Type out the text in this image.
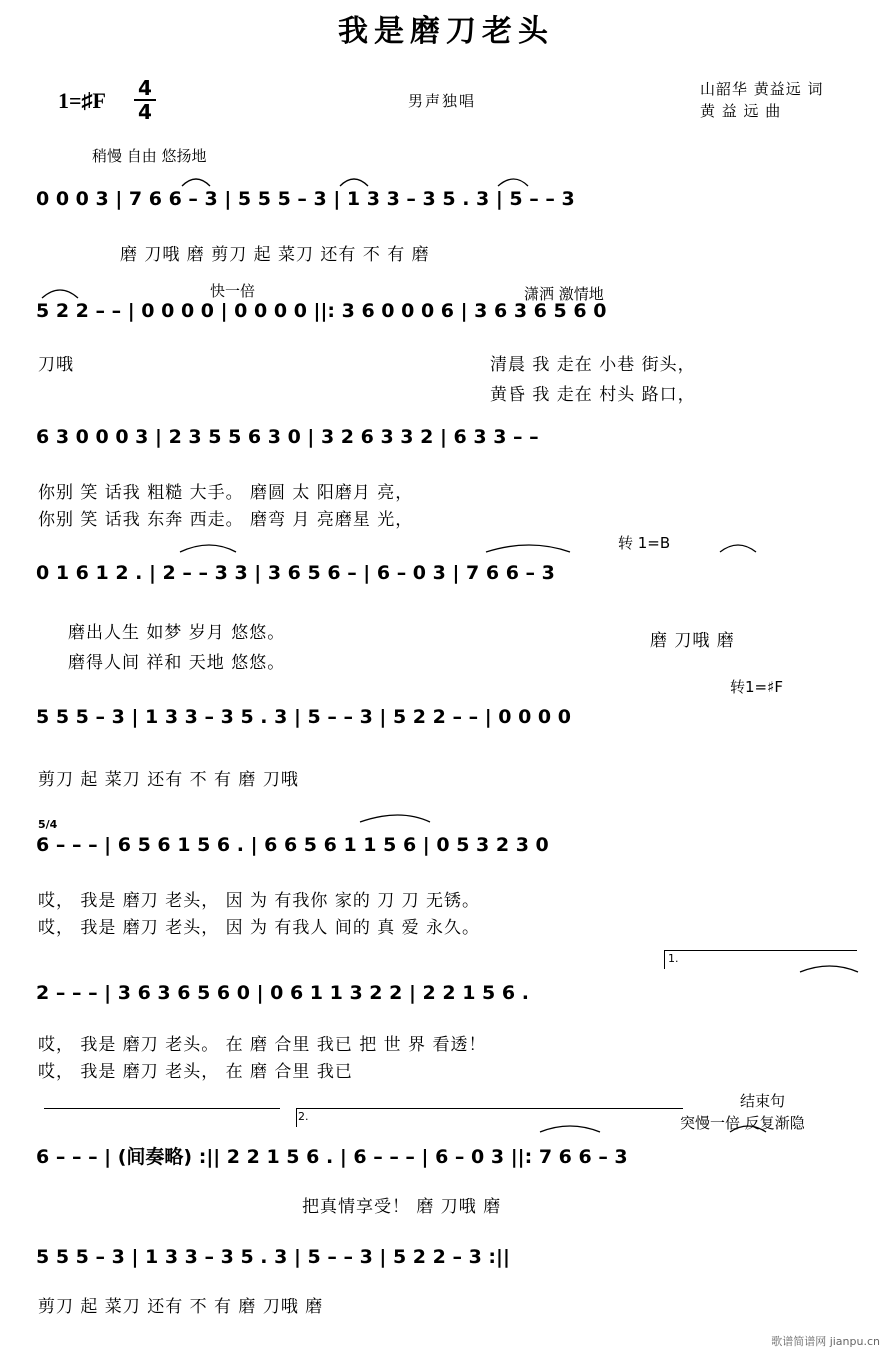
我是磨刀老头
1=♯F 4
4	男声独唱
山韶华 黄益远 词
黄 益 远 曲
稍慢 自由 悠扬地
快一倍	潇洒 激情地
转 1=B
转1=♯F
结束句
突慢一倍 反复渐隐
1.
2.
5/4
0 0 0 3 | 7 6 6 – 3 | 5 5 5 – 3 | 1 3 3 – 3 5 . 3 | 5 – – 3
磨 刀哦 磨 剪刀 起 菜刀 还有 不 有 磨
5 2 2 – – | 0 0 0 0 | 0 0 0 0 ||: 3 6 0 0 0 6 | 3 6 3 6 5 6 0
刀哦	清晨 我 走在 小巷 街头，
黄昏 我 走在 村头 路口，
6 3 0 0 0 3 | 2 3 5 5 6 3 0 | 3 2 6 3 3 2 | 6 3 3 – –
你别 笑 话我 粗糙 大手。 磨圆 太 阳磨月 亮，
你别 笑 话我 东奔 西走。 磨弯 月 亮磨星 光，
0 1 6 1 2 . | 2 – – 3 3 | 3 6 5 6 – | 6 – 0 3 | 7 6 6 – 3
磨出人生 如梦 岁月 悠悠。
磨得人间 祥和 天地 悠悠。
磨 刀哦 磨
5 5 5 – 3 | 1 3 3 – 3 5 . 3 | 5 – – 3 | 5 2 2 – – | 0 0 0 0
剪刀 起 菜刀 还有 不 有 磨 刀哦
6 – – – | 6 5 6 1 5 6 . | 6 6 5 6 1 1 5 6 | 0 5 3 2 3 0
哎， 我是 磨刀 老头， 因 为 有我你 家的 刀 刀 无锈。
哎， 我是 磨刀 老头， 因 为 有我人 间的 真 爱 永久。
2 – – – | 3 6 3 6 5 6 0 | 0 6 1 1 3 2 2 | 2 2 1 5 6 .
哎， 我是 磨刀 老头。 在 磨 合里 我已 把 世 界 看透！
哎， 我是 磨刀 老头， 在 磨 合里 我已
6 – – – | (间奏略) :|| 2 2 1 5 6 . | 6 – – – | 6 – 0 3 ||: 7 6 6 – 3
把真情享受！ 磨 刀哦 磨
5 5 5 – 3 | 1 3 3 – 3 5 . 3 | 5 – – 3 | 5 2 2 – 3 :||
剪刀 起 菜刀 还有 不 有 磨 刀哦 磨
歌谱简谱网 jianpu.cn
